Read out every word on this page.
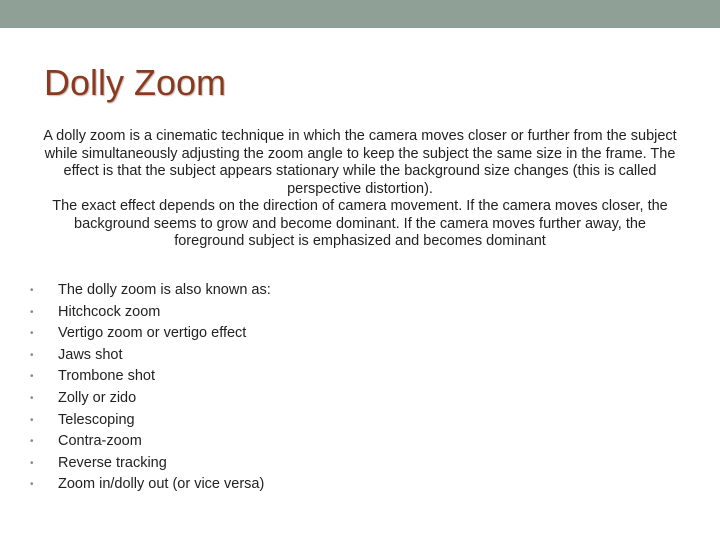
Dolly Zoom

A dolly zoom is a cinematic technique in which the camera moves closer or further from the subject while simultaneously adjusting the zoom angle to keep the subject the same size in the frame. The effect is that the subject appears stationary while the background size changes (this is called perspective distortion).

The exact effect depends on the direction of camera movement. If the camera moves closer, the background seems to grow and become dominant. If the camera moves further away, the foreground subject is emphasized and becomes dominant

• The dolly zoom is also known as:
• Hitchcock zoom
• Vertigo zoom or vertigo effect
• Jaws shot
• Trombone shot
• Zolly or zido
• Telescoping
• Contra-zoom
• Reverse tracking
• Zoom in/dolly out (or vice versa)
